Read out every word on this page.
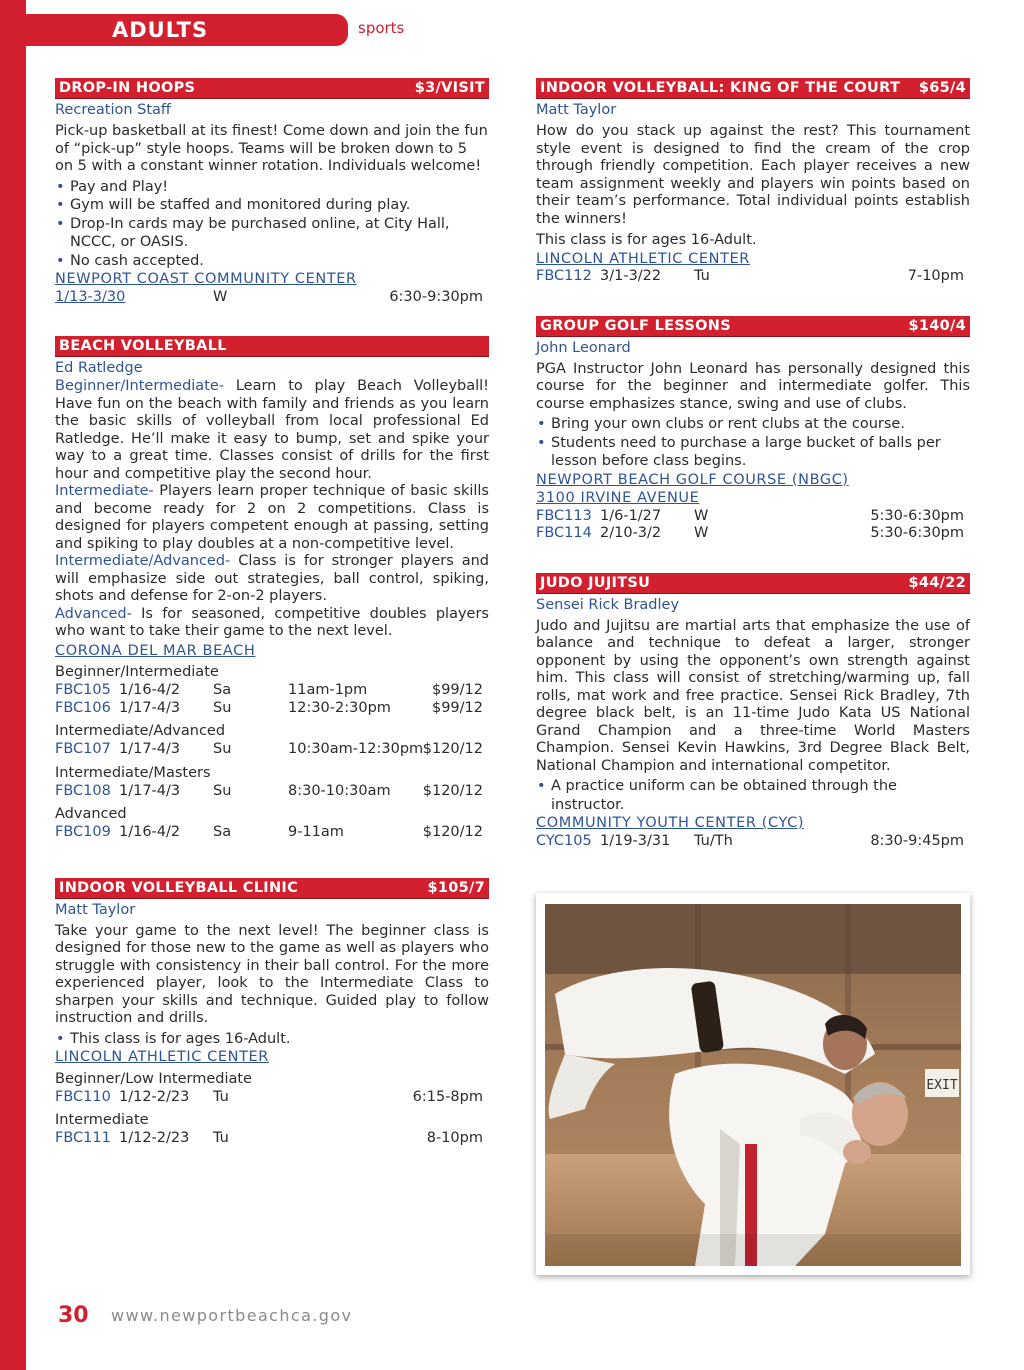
ADULTS	sports
DROP-IN HOOPS	$3/VISIT
Recreation Staff
Pick-up basketball at its finest! Come down and join the fun of “pick-up” style hoops. Teams will be broken down to 5 on 5 with a constant winner rotation. Individuals welcome!
• Pay and Play!
• Gym will be staffed and monitored during play.
• Drop-In cards may be purchased online, at City Hall, NCCC, or OASIS.
• No cash accepted.
NEWPORT COAST COMMUNITY CENTER
1/13-3/30	W	6:30-9:30pm
BEACH VOLLEYBALL
Ed Ratledge
Beginner/Intermediate- Learn to play Beach Volleyball! Have fun on the beach with family and friends as you learn the basic skills of volleyball from local professional Ed Ratledge. He’ll make it easy to bump, set and spike your way to a great time. Classes consist of drills for the first hour and competitive play the second hour.
Intermediate- Players learn proper technique of basic skills and become ready for 2 on 2 competitions. Class is designed for players competent enough at passing, setting and spiking to play doubles at a non-competitive level.
Intermediate/Advanced- Class is for stronger players and will emphasize side out strategies, ball control, spiking, shots and defense for 2-on-2 players.
Advanced- Is for seasoned, competitive doubles players who want to take their game to the next level.
CORONA DEL MAR BEACH
Beginner/Intermediate
FBC105 1/16-4/2 Sa	11am-1pm	$99/12
FBC106 1/17-4/3 Su	12:30-2:30pm	$99/12
Intermediate/Advanced
FBC107 1/17-4/3 Su	10:30am-12:30pm $120/12
Intermediate/Masters
FBC108 1/17-4/3 Su	8:30-10:30am $120/12
Advanced
FBC109 1/16-4/2 Sa	9-11am	$120/12
INDOOR VOLLEYBALL CLINIC	$105/7
Matt Taylor
Take your game to the next level! The beginner class is designed for those new to the game as well as players who struggle with consistency in their ball control. For the more experienced player, look to the Intermediate Class to sharpen your skills and technique. Guided play to follow instruction and drills.
• This class is for ages 16-Adult.
LINCOLN ATHLETIC CENTER
Beginner/Low Intermediate
FBC110 1/12-2/23 Tu	6:15-8pm
Intermediate
FBC111 1/12-2/23 Tu	8-10pm
INDOOR VOLLEYBALL: KING OF THE COURT $65/4
Matt Taylor
How do you stack up against the rest? This tournament style event is designed to find the cream of the crop through friendly competition. Each player receives a new team assignment weekly and players win points based on their team’s performance. Total individual points establish the winners!
This class is for ages 16-Adult.
LINCOLN ATHLETIC CENTER
FBC112 3/1-3/22 Tu	7-10pm
GROUP GOLF LESSONS	$140/4
John Leonard
PGA Instructor John Leonard has personally designed this course for the beginner and intermediate golfer. This course emphasizes stance, swing and use of clubs.
• Bring your own clubs or rent clubs at the course.
• Students need to purchase a large bucket of balls per lesson before class begins.
NEWPORT BEACH GOLF COURSE (NBGC)
3100 IRVINE AVENUE
FBC113 1/6-1/27 W	5:30-6:30pm
FBC114 2/10-3/2 W	5:30-6:30pm
JUDO JUJITSU	$44/22
Sensei Rick Bradley
Judo and Jujitsu are martial arts that emphasize the use of balance and technique to defeat a larger, stronger opponent by using the opponent’s own strength against him. This class will consist of stretching/warming up, fall rolls, mat work and free practice. Sensei Rick Bradley, 7th degree black belt, is an 11-time Judo Kata US National Grand Champion and a three-time World Masters Champion. Sensei Kevin Hawkins, 3rd Degree Black Belt, National Champion and international competitor.
• A practice uniform can be obtained through the instructor.
COMMUNITY YOUTH CENTER (CYC)
CYC105 1/19-3/31 Tu/Th	8:30-9:45pm
EXIT
30 www.newportbeachca.gov
